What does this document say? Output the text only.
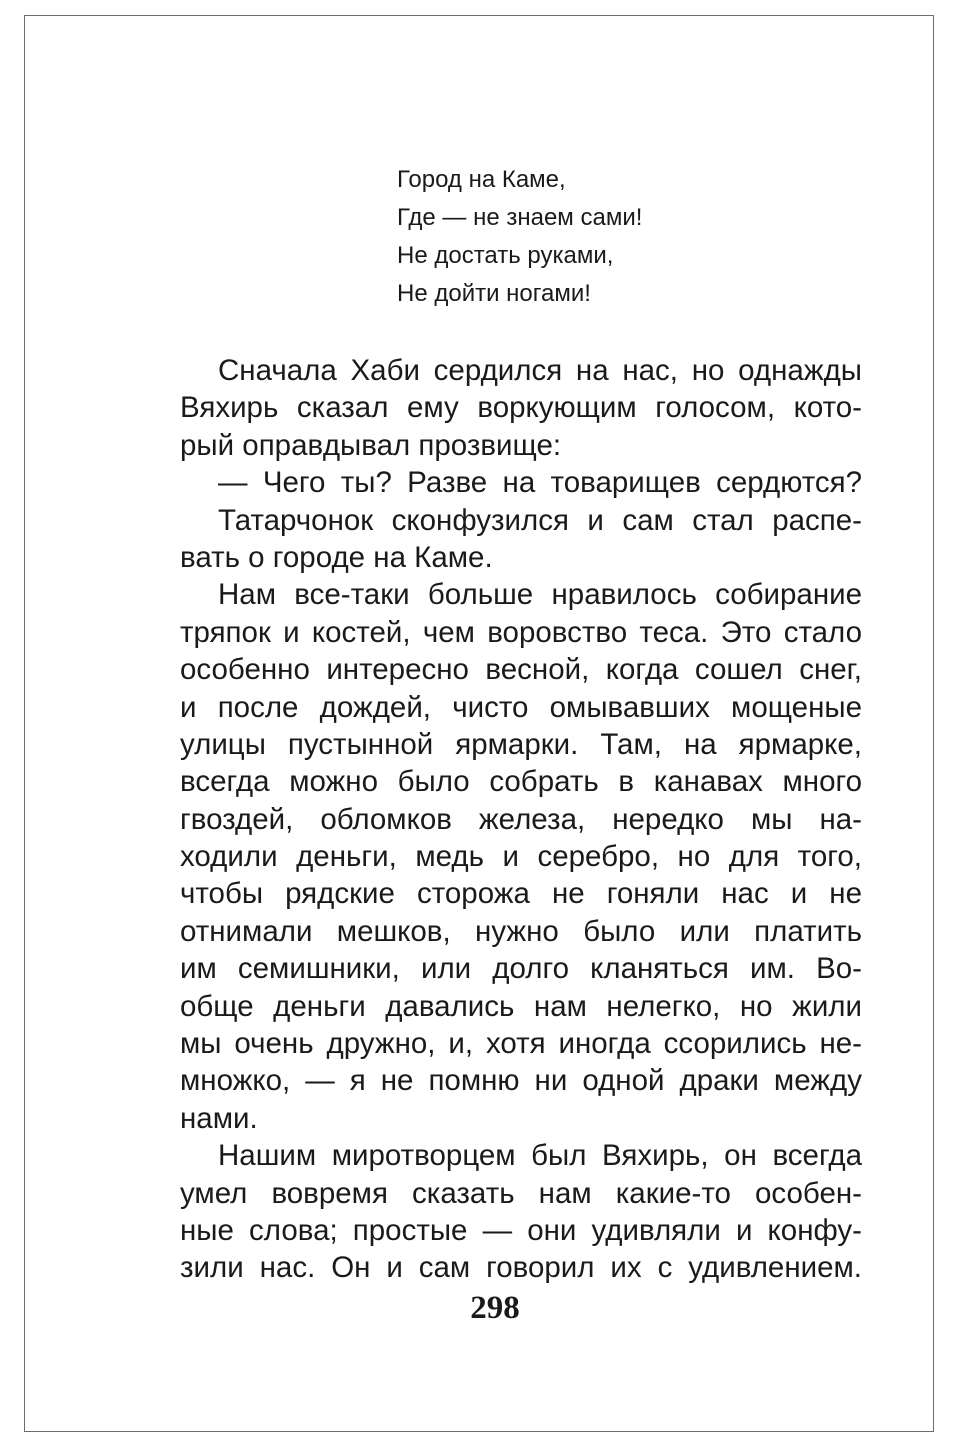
Город на Каме,
Где — не знаем сами!
Не достать руками,
Не дойти ногами!
Сначала Хаби сердился на нас, но однажды
Вяхирь сказал ему воркующим голосом, кото-
рый оправдывал прозвище:
— Чего ты? Разве на товарищев сердются?
Татарчонок сконфузился и сам стал распе-
вать о городе на Каме.
Нам все-таки больше нравилось собирание
тряпок и костей, чем воровство теса. Это стало
особенно интересно весной, когда сошел снег,
и после дождей, чисто омывавших мощеные
улицы пустынной ярмарки. Там, на ярмарке,
всегда можно было собрать в канавах много
гвоздей, обломков железа, нередко мы на-
ходили деньги, медь и серебро, но для того,
чтобы рядские сторожа не гоняли нас и не
отнимали мешков, нужно было или платить
им семишники, или долго кланяться им. Во-
обще деньги давались нам нелегко, но жили
мы очень дружно, и, хотя иногда ссорились не-
множко, — я не помню ни одной драки между
нами.
Нашим миротворцем был Вяхирь, он всегда
умел вовремя сказать нам какие-то особен-
ные слова; простые — они удивляли и конфу-
зили нас. Он и сам говорил их с удивлением.
298
